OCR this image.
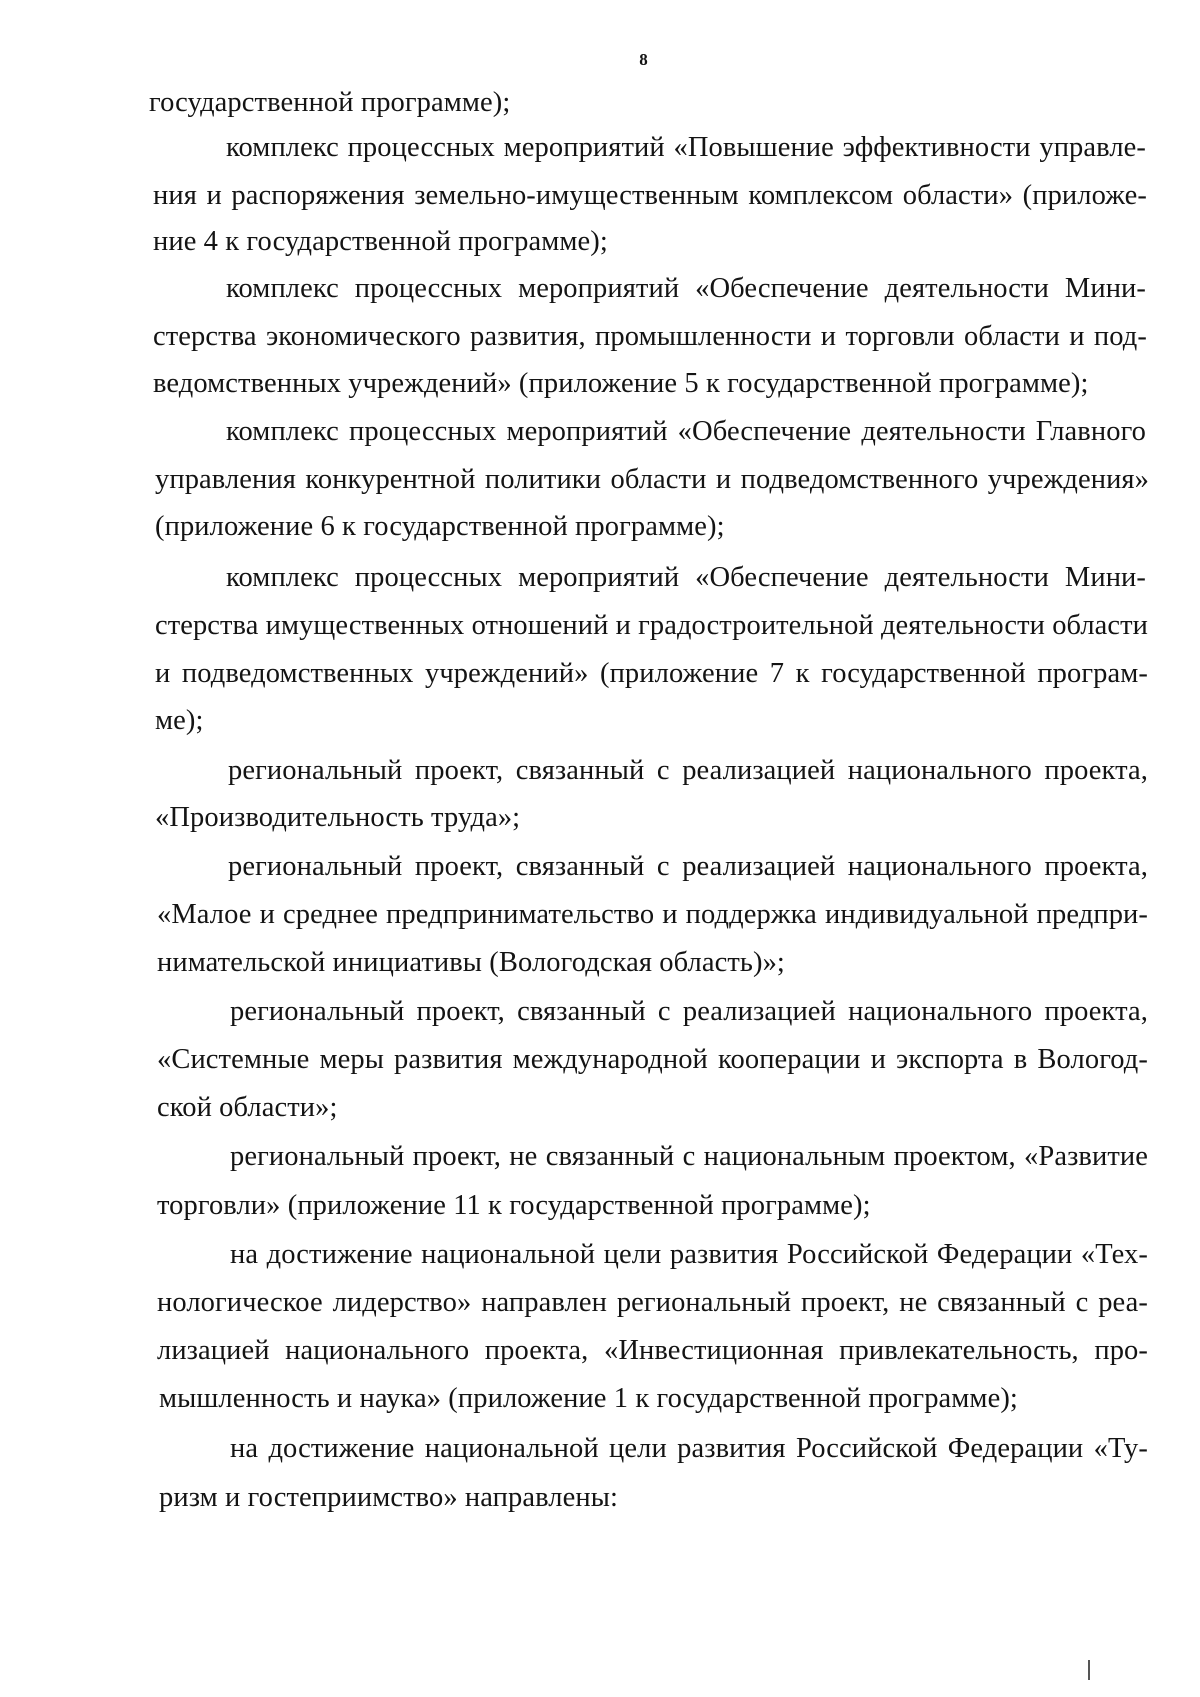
8
государственной программе);
комплекс процессных мероприятий «Повышение эффективности управле-
ния и распоряжения земельно-имущественным комплексом области» (приложе-
ние 4 к государственной программе);
комплекс процессных мероприятий «Обеспечение деятельности Мини-
стерства экономического развития, промышленности и торговли области и под-
ведомственных учреждений» (приложение 5 к государственной программе);
комплекс процессных мероприятий «Обеспечение деятельности Главного
управления конкурентной политики области и подведомственного учреждения»
(приложение 6 к государственной программе);
комплекс процессных мероприятий «Обеспечение деятельности Мини-
стерства имущественных отношений и градостроительной деятельности области
и подведомственных учреждений» (приложение 7 к государственной програм-
ме);
региональный проект, связанный с реализацией национального проекта,
«Производительность труда»;
региональный проект, связанный с реализацией национального проекта,
«Малое и среднее предпринимательство и поддержка индивидуальной предпри-
нимательской инициативы (Вологодская область)»;
региональный проект, связанный с реализацией национального проекта,
«Системные меры развития международной кооперации и экспорта в Вологод-
ской области»;
региональный проект, не связанный с национальным проектом, «Развитие
торговли» (приложение 11 к государственной программе);
на достижение национальной цели развития Российской Федерации «Тех-
нологическое лидерство» направлен региональный проект, не связанный с реа-
лизацией национального проекта, «Инвестиционная привлекательность, про-
мышленность и наука» (приложение 1 к государственной программе);
на достижение национальной цели развития Российской Федерации «Ту-
ризм и гостеприимство» направлены:
